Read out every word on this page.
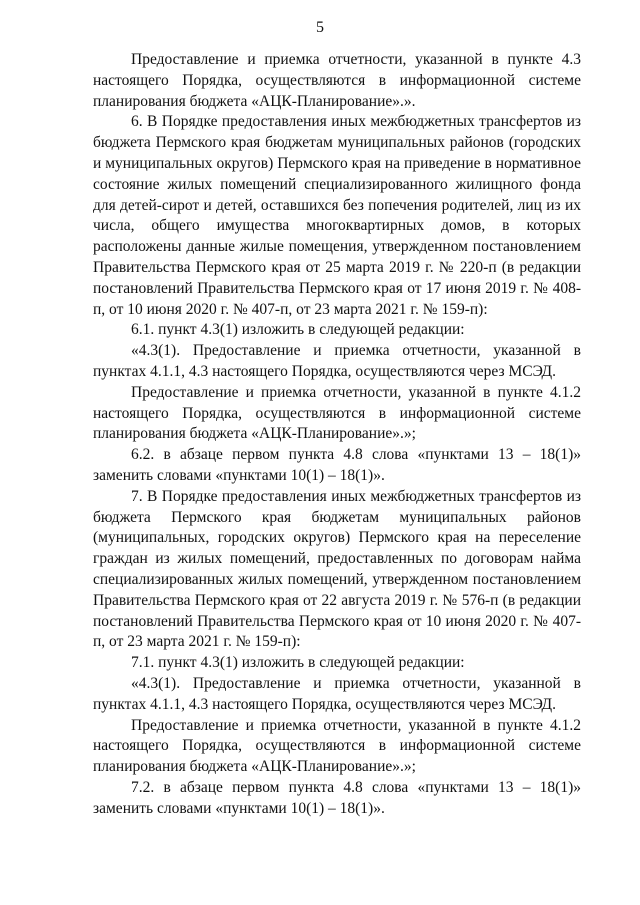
5

Предоставление и приемка отчетности, указанной в пункте 4.3 настоящего Порядка, осуществляются в информационной системе планирования бюджета «АЦК-Планирование».».

6. В Порядке предоставления иных межбюджетных трансфертов из бюджета Пермского края бюджетам муниципальных районов (городских и муниципальных округов) Пермского края на приведение в нормативное состояние жилых помещений специализированного жилищного фонда для детей-сирот и детей, оставшихся без попечения родителей, лиц из их числа, общего имущества многоквартирных домов, в которых расположены данные жилые помещения, утвержденном постановлением Правительства Пермского края от 25 марта 2019 г. № 220-п (в редакции постановлений Правительства Пермского края от 17 июня 2019 г. № 408-п, от 10 июня 2020 г. № 407-п, от 23 марта 2021 г. № 159-п):

6.1. пункт 4.3(1) изложить в следующей редакции:

«4.3(1). Предоставление и приемка отчетности, указанной в пунктах 4.1.1, 4.3 настоящего Порядка, осуществляются через МСЭД.

Предоставление и приемка отчетности, указанной в пункте 4.1.2 настоящего Порядка, осуществляются в информационной системе планирования бюджета «АЦК-Планирование».»;

6.2. в абзаце первом пункта 4.8 слова «пунктами 13 – 18(1)» заменить словами «пунктами 10(1) – 18(1)».

7. В Порядке предоставления иных межбюджетных трансфертов из бюджета Пермского края бюджетам муниципальных районов (муниципальных, городских округов) Пермского края на переселение граждан из жилых помещений, предоставленных по договорам найма специализированных жилых помещений, утвержденном постановлением Правительства Пермского края от 22 августа 2019 г. № 576-п (в редакции постановлений Правительства Пермского края от 10 июня 2020 г. № 407-п, от 23 марта 2021 г. № 159-п):

7.1. пункт 4.3(1) изложить в следующей редакции:

«4.3(1). Предоставление и приемка отчетности, указанной в пунктах 4.1.1, 4.3 настоящего Порядка, осуществляются через МСЭД.

Предоставление и приемка отчетности, указанной в пункте 4.1.2 настоящего Порядка, осуществляются в информационной системе планирования бюджета «АЦК-Планирование».»;

7.2. в абзаце первом пункта 4.8 слова «пунктами 13 – 18(1)» заменить словами «пунктами 10(1) – 18(1)».
